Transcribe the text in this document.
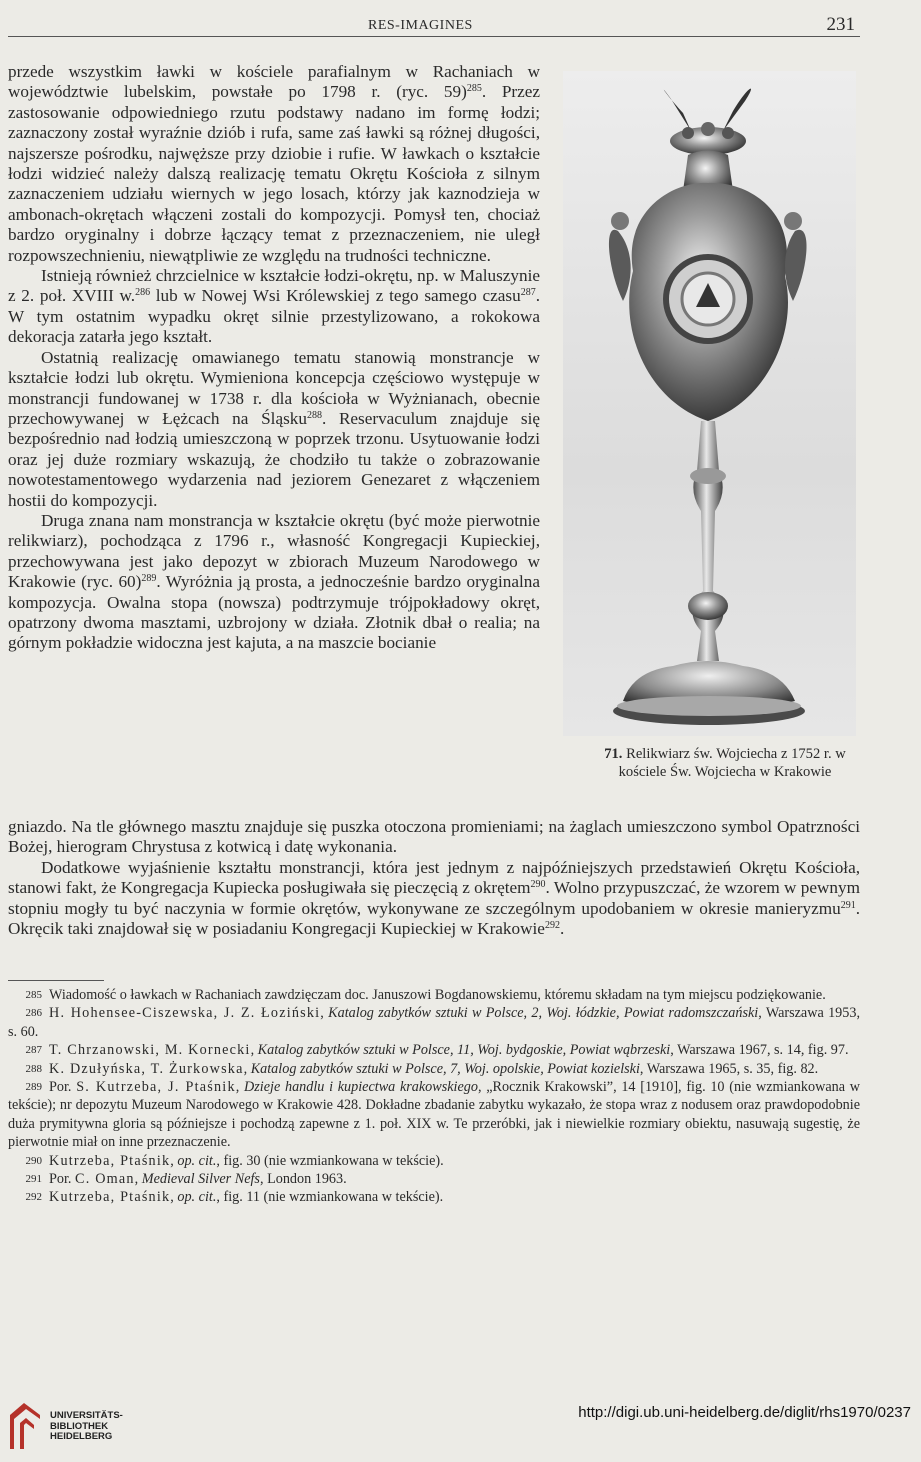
RES-IMAGINES	231

przede wszystkim ławki w kościele parafialnym w Rachaniach w województwie lubelskim, powstałe po 1798 r. (ryc. 59)$^{285}$. Przez zastosowanie odpowiedniego rzutu podstawy nadano im formę łodzi; zaznaczony został wyraźnie dziób i rufa, same zaś ławki są różnej długości, najszersze pośrodku, najwęższe przy dziobie i rufie. W ławkach o kształcie łodzi widzieć należy dalszą realizację tematu Okrętu Kościoła z silnym zaznaczeniem udziału wiernych w jego losach, którzy jak kaznodzieja w ambonach-okrętach włączeni zostali do kompozycji. Pomysł ten, chociaż bardzo oryginalny i dobrze łączący temat z przeznaczeniem, nie uległ rozpowszechnieniu, niewątpliwie ze względu na trudności techniczne.

Istnieją również chrzcielnice w kształcie łodzi-okrętu, np. w Maluszynie z 2. poł. XVIII w.$^{286}$ lub w Nowej Wsi Królewskiej z tego samego czasu$^{287}$. W tym ostatnim wypadku okręt silnie przestylizowano, a rokokowa dekoracja zatarła jego kształt.

Ostatnią realizację omawianego tematu stanowią monstrancje w kształcie łodzi lub okrętu. Wymieniona koncepcja częściowo występuje w monstrancji fundowanej w 1738 r. dla kościoła w Wyżnianach, obecnie przechowywanej w Łężcach na Śląsku$^{288}$. Reservaculum znajduje się bezpośrednio nad łodzią umieszczoną w poprzek trzonu. Usytuowanie łodzi oraz jej duże rozmiary wskazują, że chodziło tu także o zobrazowanie nowotestamentowego wydarzenia nad jeziorem Genezaret z włączeniem hostii do kompozycji.

Druga znana nam monstrancja w kształcie okrętu (być może pierwotnie relikwiarz), pochodząca z 1796 r., własność Kongregacji Kupieckiej, przechowywana jest jako depozyt w zbiorach Muzeum Narodowego w Krakowie (ryc. 60)$^{289}$. Wyróżnia ją prosta, a jednocześnie bardzo oryginalna kompozycja. Owalna stopa (nowsza) podtrzymuje trójpokładowy okręt, opatrzony dwoma masztami, uzbrojony w działa. Złotnik dbał o realia; na górnym pokładzie widoczna jest kajuta, a na maszcie bocianie

gniazdo. Na tle głównego masztu znajduje się puszka otoczona promieniami; na żaglach umieszczono symbol Opatrzności Bożej, hierogram Chrystusa z kotwicą i datę wykonania.

Dodatkowe wyjaśnienie kształtu monstrancji, która jest jednym z najpóźniejszych przedstawień Okrętu Kościoła, stanowi fakt, że Kongregacja Kupiecka posługiwała się pieczęcią z okrętem$^{290}$. Wolno przypuszczać, że wzorem w pewnym stopniu mogły tu być naczynia w formie okrętów, wykonywane ze szczególnym upodobaniem w okresie manieryzmu$^{291}$. Okręcik taki znajdował się w posiadaniu Kongregacji Kupieckiej w Krakowie$^{292}$.

71. Relikwiarz św. Wojciecha z 1752 r. w kościele Św. Wojciecha w Krakowie

285 Wiadomość o ławkach w Rachaniach zawdzięczam doc. Januszowi Bogdanowskiemu, któremu składam na tym miejscu podziękowanie.

286 H. Hohensee-Ciszewska, J. Z. Łoziński, Katalog zabytków sztuki w Polsce, 2, Woj. łódzkie, Powiat radomszczański, Warszawa 1953, s. 60.

287 T. Chrzanowski, M. Kornecki, Katalog zabytków sztuki w Polsce, 11, Woj. bydgoskie, Powiat wąbrzeski, Warszawa 1967, s. 14, fig. 97.

288 K. Dzułyńska, T. Żurkowska, Katalog zabytków sztuki w Polsce, 7, Woj. opolskie, Powiat kozielski, Warszawa 1965, s. 35, fig. 82.

289 Por. S. Kutrzeba, J. Ptaśnik, Dzieje handlu i kupiectwa krakowskiego, „Rocznik Krakowski”, 14 [1910], fig. 10 (nie wzmiankowana w tekście); nr depozytu Muzeum Narodowego w Krakowie 428. Dokładne zbadanie zabytku wykazało, że stopa wraz z nodusem oraz prawdopodobnie duża prymitywna gloria są późniejsze i pochodzą zapewne z 1. poł. XIX w. Te przeróbki, jak i niewielkie rozmiary obiektu, nasuwają sugestię, że pierwotnie miał on inne przeznaczenie.

290 Kutrzeba, Ptaśnik, op. cit., fig. 30 (nie wzmiankowana w tekście).

291 Por. C. Oman, Medieval Silver Nefs, London 1963.

292 Kutrzeba, Ptaśnik, op. cit., fig. 11 (nie wzmiankowana w tekście).

UNIVERSITÄTS-
BIBLIOTHEK
HEIDELBERG
http://digi.ub.uni-heidelberg.de/diglit/rhs1970/0237
